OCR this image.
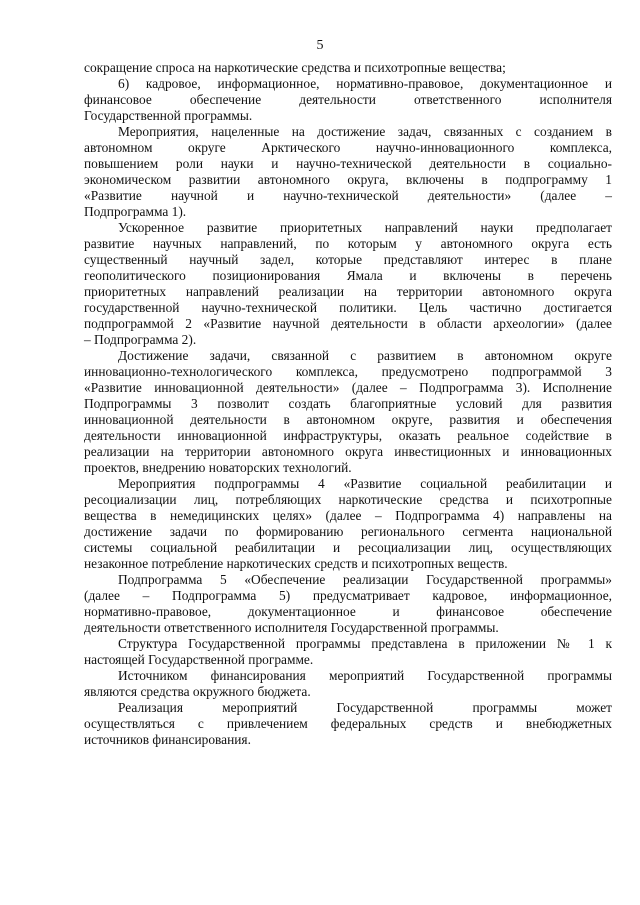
5

сокращение спроса на наркотические средства и психотропные вещества;

6) кадровое, информационное, нормативно-правовое, документационное и
финансовое обеспечение деятельности ответственного исполнителя
Государственной программы.

Мероприятия, нацеленные на достижение задач, связанных с созданием в
автономном округе Арктического научно-инновационного комплекса,
повышением роли науки и научно-технической деятельности в социально-
экономическом развитии автономного округа, включены в подпрограмму 1
«Развитие научной и научно-технической деятельности» (далее –
Подпрограмма 1).

Ускоренное развитие приоритетных направлений науки предполагает
развитие научных направлений, по которым у автономного округа есть
существенный научный задел, которые представляют интерес в плане
геополитического позиционирования Ямала и включены в перечень
приоритетных направлений реализации на территории автономного округа
государственной научно-технической политики. Цель частично достигается
подпрограммой 2 «Развитие научной деятельности в области археологии» (далее
– Подпрограмма 2).

Достижение задачи, связанной с развитием в автономном округе
инновационно-технологического комплекса, предусмотрено подпрограммой 3
«Развитие инновационной деятельности» (далее – Подпрограмма 3). Исполнение
Подпрограммы 3 позволит создать благоприятные условий для развития
инновационной деятельности в автономном округе, развития и обеспечения
деятельности инновационной инфраструктуры, оказать реальное содействие в
реализации на территории автономного округа инвестиционных и инновационных
проектов, внедрению новаторских технологий.

Мероприятия подпрограммы 4 «Развитие социальной реабилитации и
ресоциализации лиц, потребляющих наркотические средства и психотропные
вещества в немедицинских целях» (далее – Подпрограмма 4) направлены на
достижение задачи по формированию регионального сегмента национальной
системы социальной реабилитации и ресоциализации лиц, осуществляющих
незаконное потребление наркотических средств и психотропных веществ.

Подпрограмма 5 «Обеспечение реализации Государственной программы»
(далее – Подпрограмма 5) предусматривает кадровое, информационное,
нормативно-правовое, документационное и финансовое обеспечение
деятельности ответственного исполнителя Государственной программы.

Структура Государственной программы представлена в приложении № 1 к
настоящей Государственной программе.

Источником финансирования мероприятий Государственной программы
являются средства окружного бюджета.

Реализация мероприятий Государственной программы может
осуществляться с привлечением федеральных средств и внебюджетных
источников финансирования.
